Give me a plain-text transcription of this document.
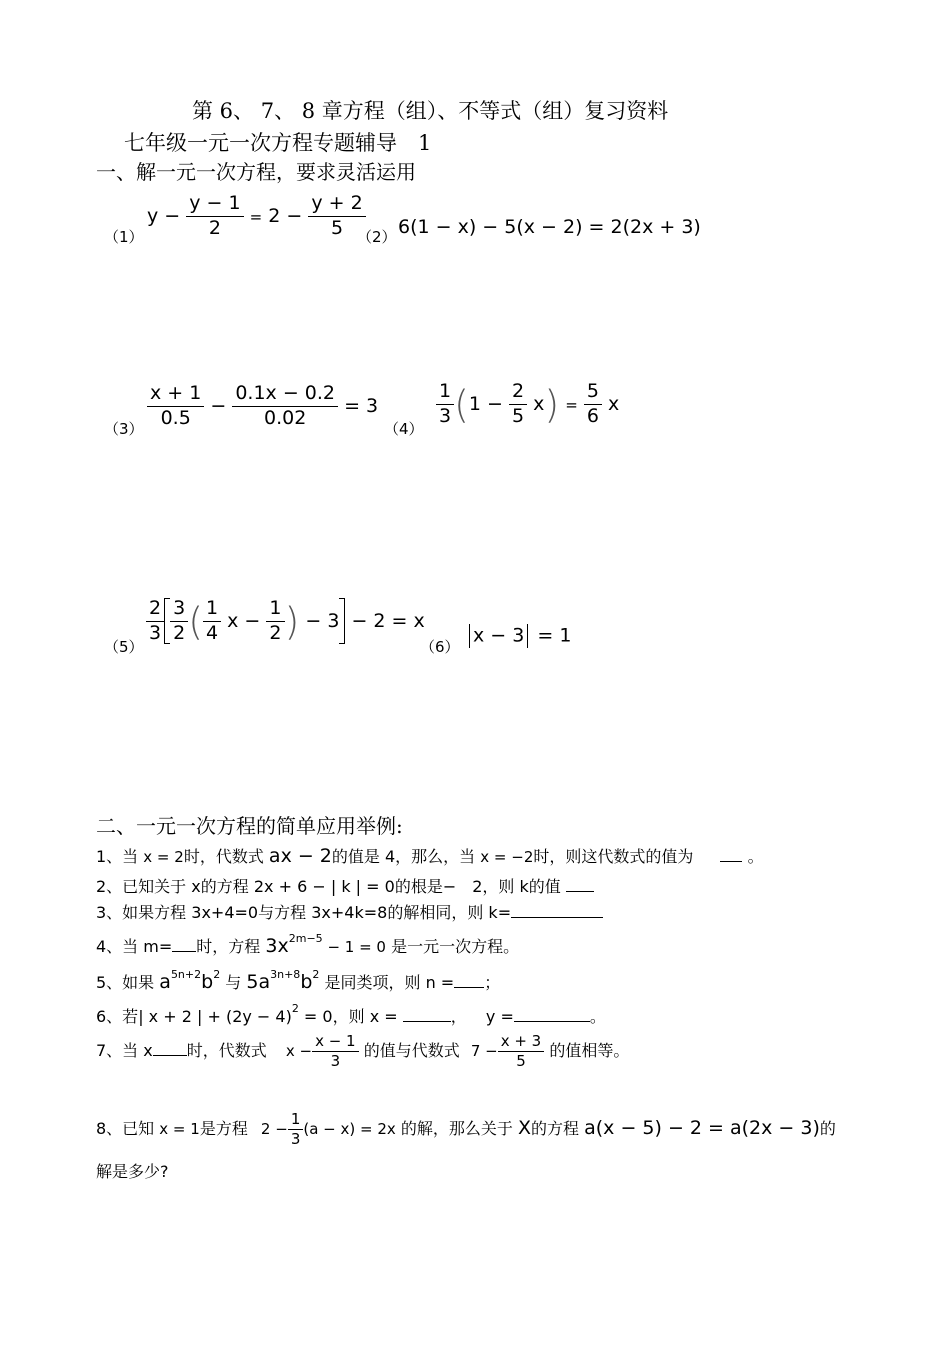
第 6、 7、 8 章方程（组）、不等式（组）复习资料
七年级一元一次方程专题辅导　1
一、解一元一次方程，要求灵活运用
（1）
$y - \frac{y - 1}{2} = 2 - \frac{y + 2}{5}$
（2） 6(1 − x) − 5(x − 2) = 2(2x + 3)
$(3) \frac{x + 1}{0.5} - \frac{0.1x - 0.2}{0.02} = 3$
（4）
$\frac{1}{3} (1 - \frac{2}{5} x) = \frac{5}{6}$ x
（5）
$\frac{2}{3} \frac{3}{2}$ ( $\frac{1}{4}$ $x - \frac{1}{2}$ ) − 3 − 2 = x
（6）
x − 3 = 1
二、一元一次方程的简单应用举例:
1、当 x = 2时，代数式 ax − 2的值是 4，那么，当 x = −2时，则这代数式的值为	。
2、已知关于 x的方程 2x + 6 − | k | = 0的根是−　2，则 k的值
3、如果方程 3x+4=0与方程 3x+4k=8的解相同，则 k=
4、当 m= 时，方程 $3x^{2m-5} - 1 = 0$ 是一元一次方程。
5、如果 $a^{5n+2}b^2$ 与 $5a^{3n+8}b^2$ 是同类项，则 n = ；
6、若| x + 2 | + $(2y - 4)^2 = 0$，则 x =	， y =	。
7、当 x 时，代数式 $x - \frac{x - 1}{3}$ 的值与代数式 $7 - \frac{x + 3}{5}$ 的值相等。
8、已知 x = 1是方程 $2 - \frac{1}{3} (a - x) = 2x$ 的解，那么关于 X的方程 a(x − 5) − 2 = a(2x − 3)的
解是多少?
